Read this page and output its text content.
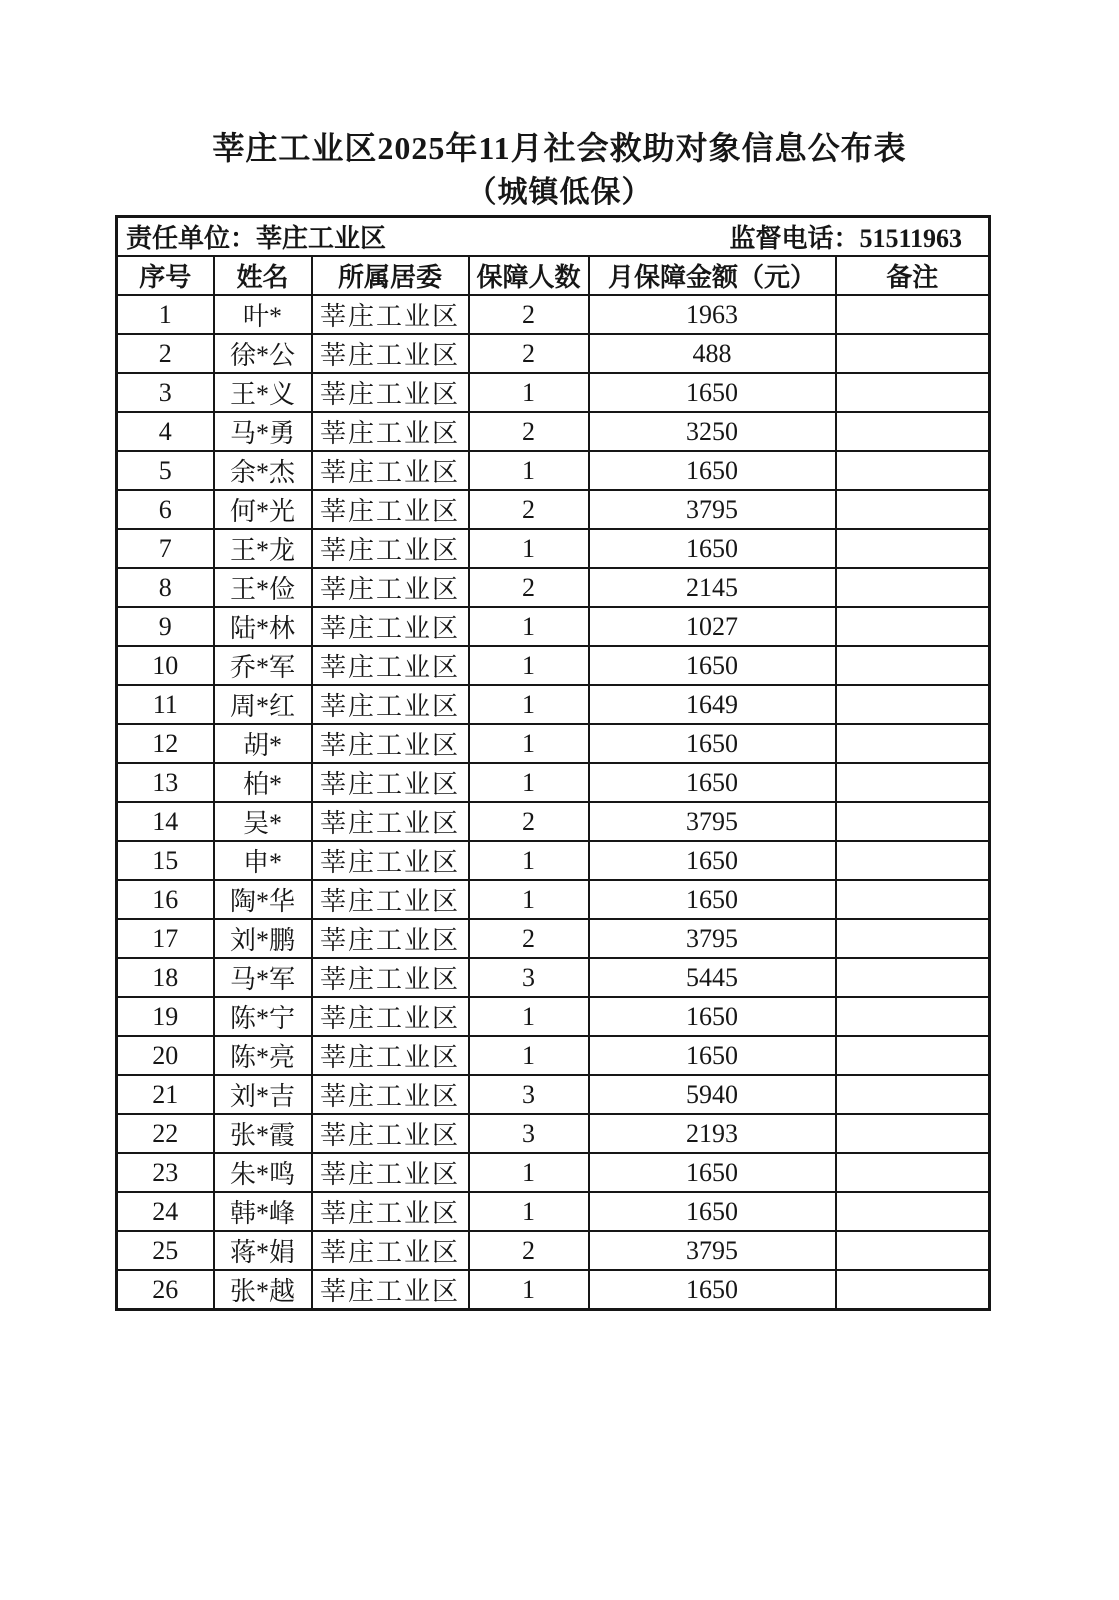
莘庄工业区2025年11月社会救助对象信息公布表
（城镇低保）
责任单位：莘庄工业区 监督电话：51511963					

序号	姓名	所属居委	保障人数	月保障金额（元）	备注
1	叶*	莘庄工业区	2	1963	
2	徐*公	莘庄工业区	2	488	
3	王*义	莘庄工业区	1	1650	
4	马*勇	莘庄工业区	2	3250	
5	余*杰	莘庄工业区	1	1650	
6	何*光	莘庄工业区	2	3795	
7	王*龙	莘庄工业区	1	1650	
8	王*俭	莘庄工业区	2	2145	
9	陆*林	莘庄工业区	1	1027	
10	乔*军	莘庄工业区	1	1650	
11	周*红	莘庄工业区	1	1649	
12	胡*	莘庄工业区	1	1650	
13	柏*	莘庄工业区	1	1650	
14	吴*	莘庄工业区	2	3795	
15	申*	莘庄工业区	1	1650	
16	陶*华	莘庄工业区	1	1650	
17	刘*鹏	莘庄工业区	2	3795	
18	马*军	莘庄工业区	3	5445	
19	陈*宁	莘庄工业区	1	1650	
20	陈*亮	莘庄工业区	1	1650	
21	刘*吉	莘庄工业区	3	5940	
22	张*霞	莘庄工业区	3	2193	
23	朱*鸣	莘庄工业区	1	1650	
24	韩*峰	莘庄工业区	1	1650	
25	蒋*娟	莘庄工业区	2	3795	
26	张*越	莘庄工业区	1	1650	
